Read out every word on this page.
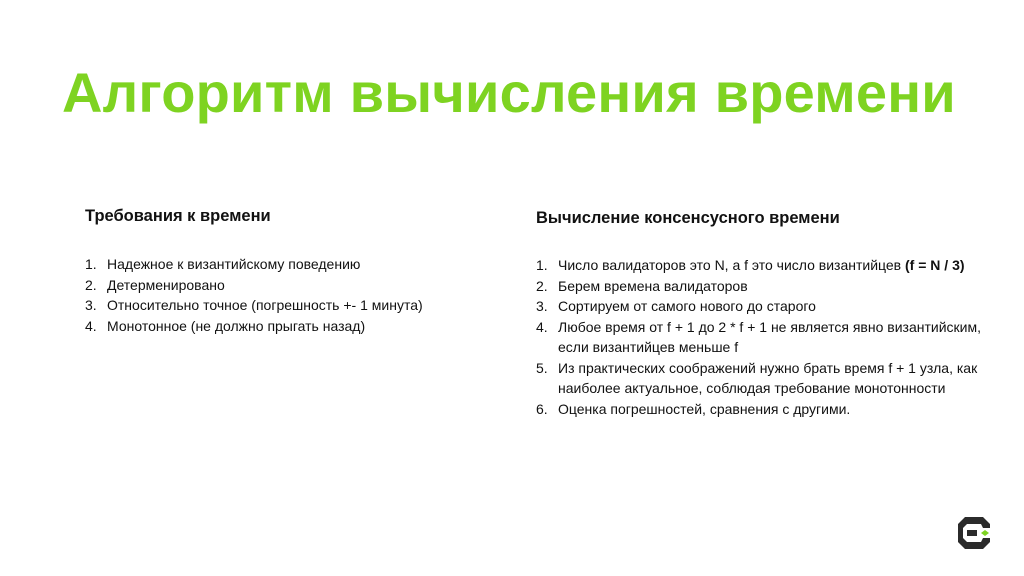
Алгоритм вычисления времени
Требования к времени
1. Надежное к византийскому поведению
2. Детерменировано
3. Относительно точное (погрешность +- 1 минута)
4. Монотонное (не должно прыгать назад)
Вычисление консенсусного времени
1. Число валидаторов это N, а f это число византийцев (f = N / 3)
2. Берем времена валидаторов
3. Сортируем от самого нового до старого
4. Любое время от f + 1 до 2 * f + 1 не является явно византийским, если византийцев меньше f
5. Из практических соображений нужно брать время f + 1 узла, как наиболее актуальное, соблюдая требование монотонности
6. Оценка погрешностей, сравнения с другими.
